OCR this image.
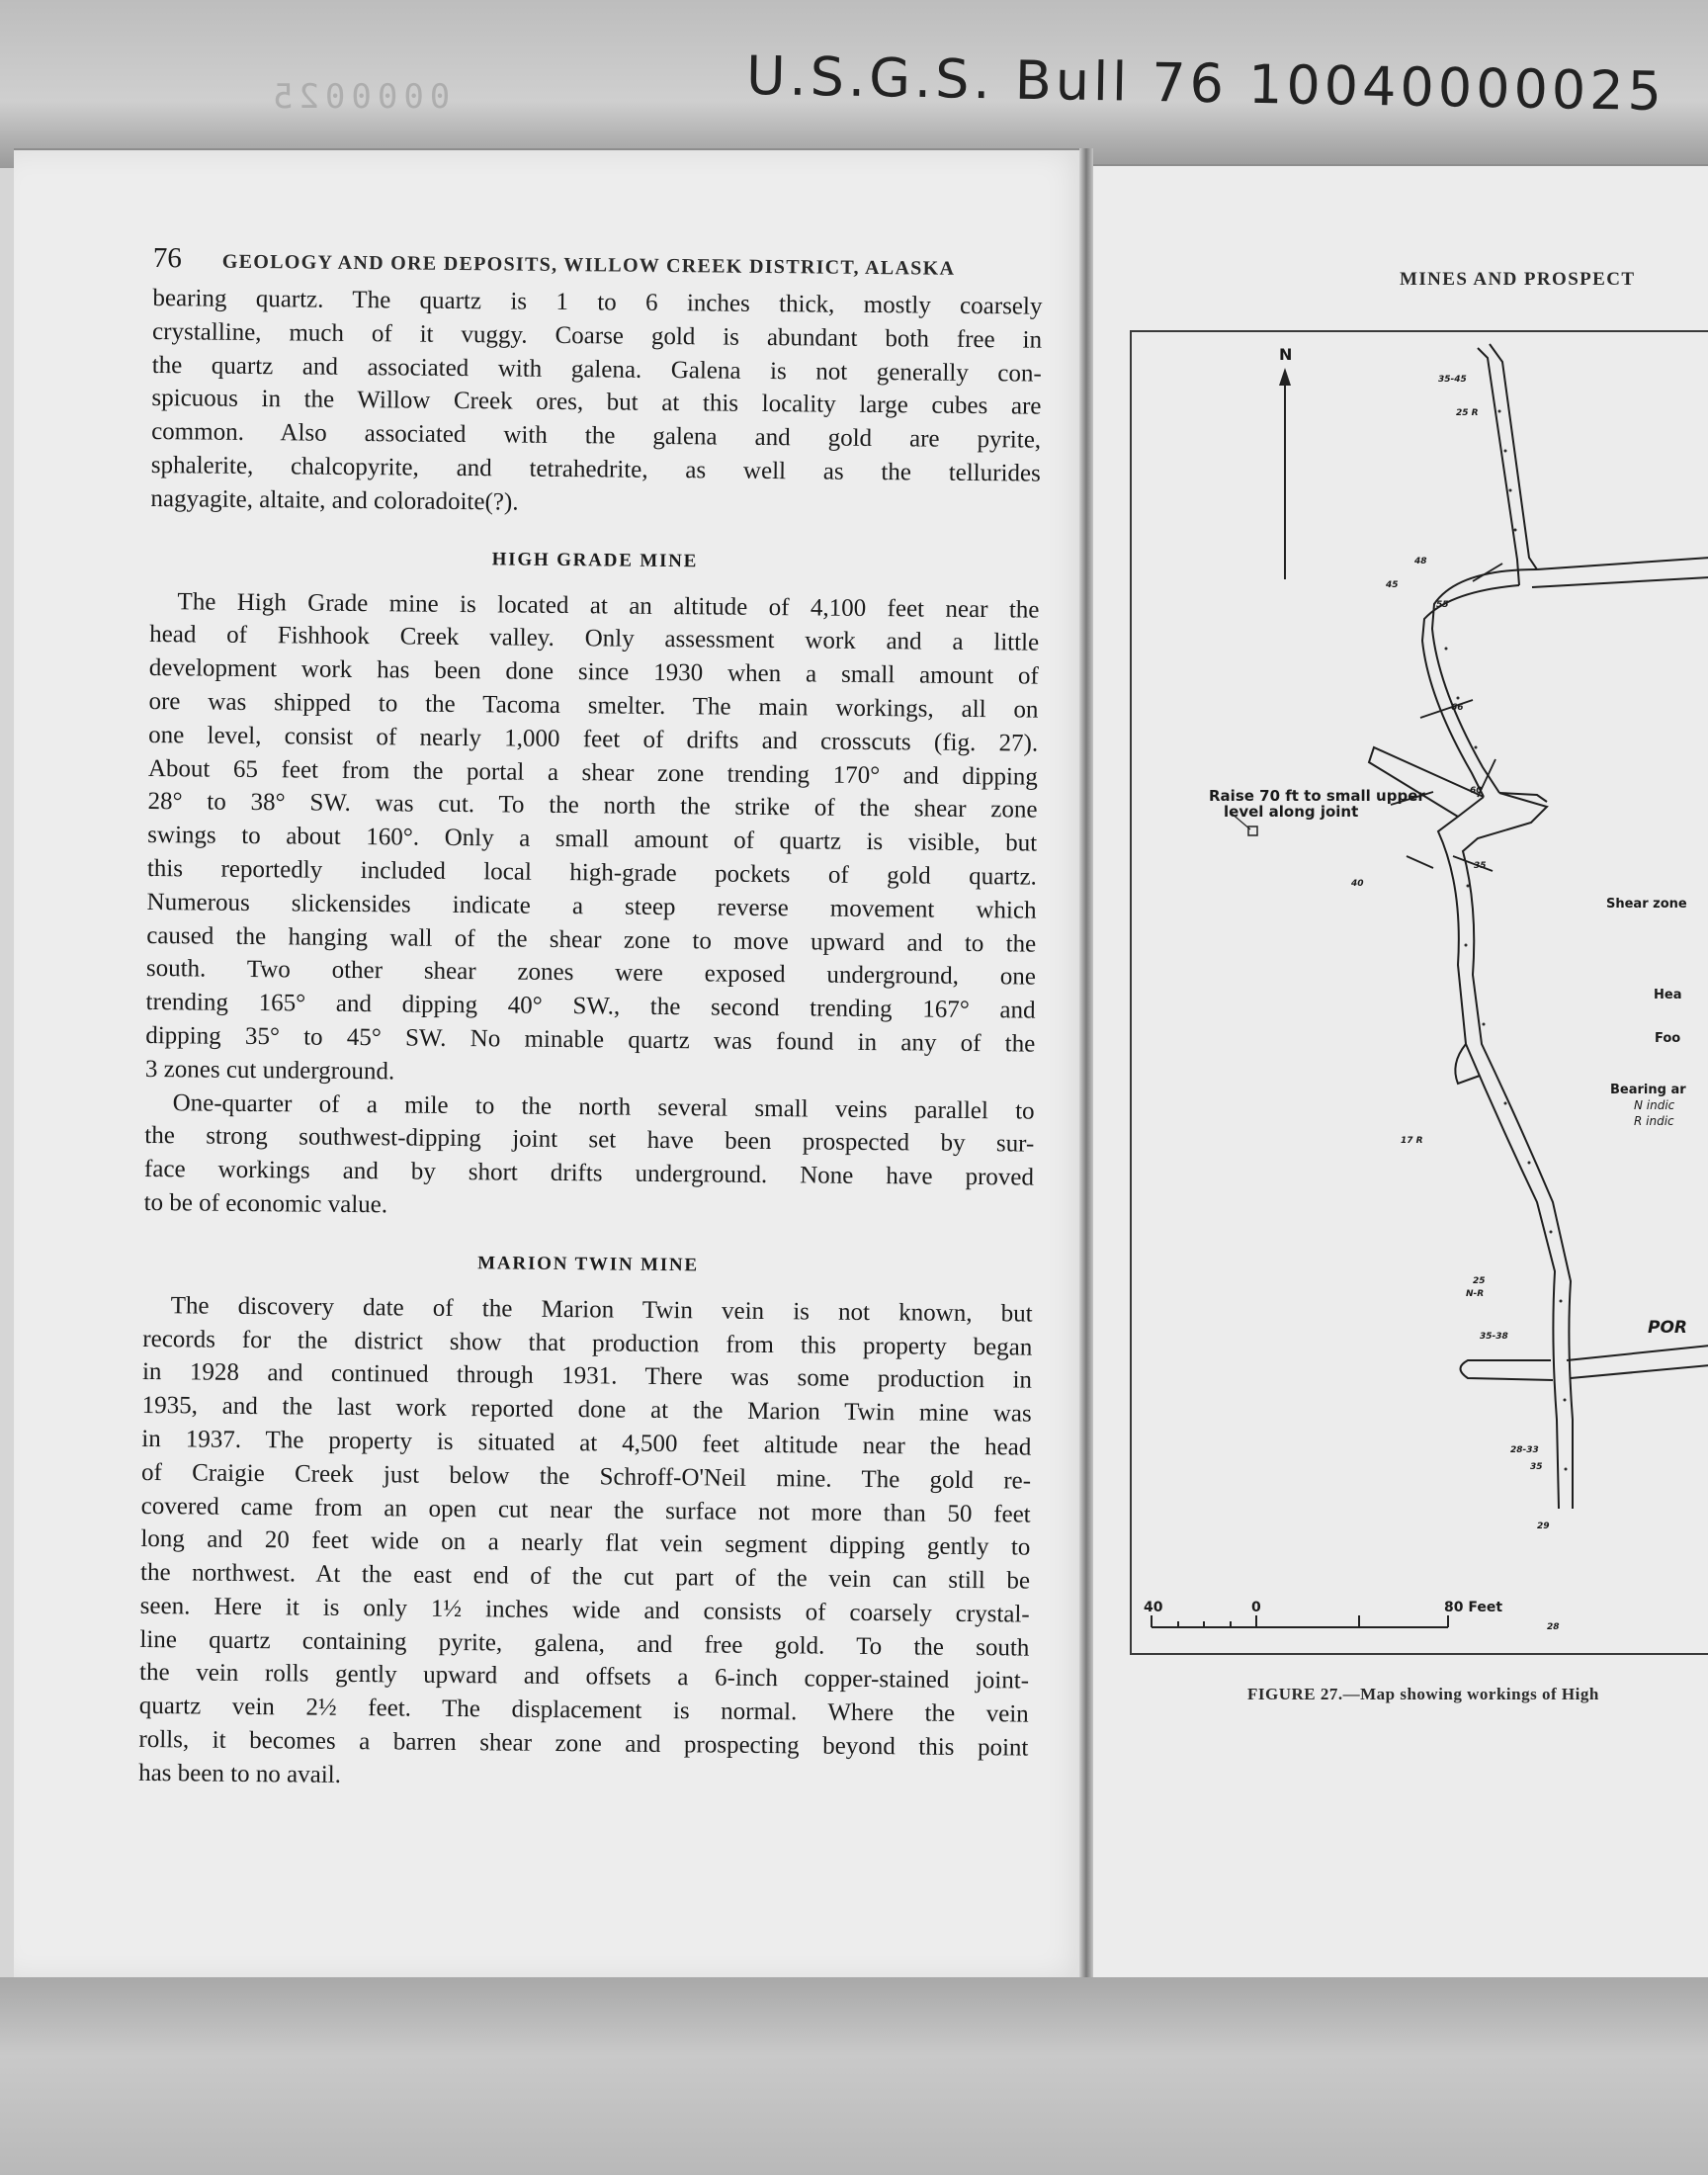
0000025	U.S.G.S. Bull 76 10040000025
76	GEOLOGY AND ORE DEPOSITS, WILLOW CREEK DISTRICT, ALASKA

bearing quartz. The quartz is 1 to 6 inches thick, mostly coarsely

crystalline, much of it vuggy. Coarse gold is abundant both free in

the quartz and associated with galena. Galena is not generally con-

spicuous in the Willow Creek ores, but at this locality large cubes are

common. Also associated with the galena and gold are pyrite,

sphalerite, chalcopyrite, and tetrahedrite, as well as the tellurides

nagyagite, altaite, and coloradoite(?).

HIGH GRADE MINE

The High Grade mine is located at an altitude of 4,100 feet near the

head of Fishhook Creek valley. Only assessment work and a little

development work has been done since 1930 when a small amount of

ore was shipped to the Tacoma smelter. The main workings, all on

one level, consist of nearly 1,000 feet of drifts and crosscuts (fig. 27).

About 65 feet from the portal a shear zone trending 170° and dipping

28° to 38° SW. was cut. To the north the strike of the shear zone

swings to about 160°. Only a small amount of quartz is visible, but

this reportedly included local high-grade pockets of gold quartz.

Numerous slickensides indicate a steep reverse movement which

caused the hanging wall of the shear zone to move upward and to the

south. Two other shear zones were exposed underground, one

trending 165° and dipping 40° SW., the second trending 167° and

dipping 35° to 45° SW. No minable quartz was found in any of the

3 zones cut underground.

One-quarter of a mile to the north several small veins parallel to

the strong southwest-dipping joint set have been prospected by sur-

face workings and by short drifts underground. None have proved

to be of economic value.

MARION TWIN MINE

The discovery date of the Marion Twin vein is not known, but

records for the district show that production from this property began

in 1928 and continued through 1931. There was some production in

1935, and the last work reported done at the Marion Twin mine was

in 1937. The property is situated at 4,500 feet altitude near the head

of Craigie Creek just below the Schroff-O'Neil mine. The gold re-

covered came from an open cut near the surface not more than 50 feet

long and 20 feet wide on a nearly flat vein segment dipping gently to

the northwest. At the east end of the cut part of the vein can still be

seen. Here it is only 1½ inches wide and consists of coarsely crystal-

line quartz containing pyrite, galena, and free gold. To the south

the vein rolls gently upward and offsets a 6-inch copper-stained joint-

quartz vein 2½ feet. The displacement is normal. Where the vein

rolls, it becomes a barren shear zone and prospecting beyond this point

has been to no avail.

MINES AND PROSPECT
N
Raise 70 ft to small upper
level along joint
Shear zone
Hea
Foo
Bearing ar
N indic
R indic
POR
35-45
25 R
48
45
55
66
60
35
40
17 R
25
N-R
35-38
28-33
35
29
28
40	0	80 Feet
FIGURE 27.—Map showing workings of High
